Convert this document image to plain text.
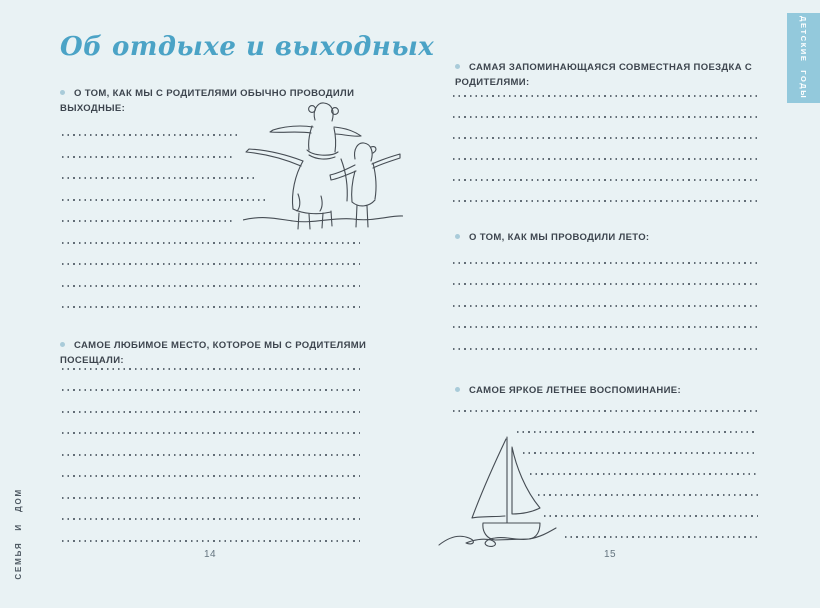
Об отдыхе и выходных
О ТОМ, КАК МЫ С РОДИТЕЛЯМИ ОБЫЧНО ПРОВОДИЛИ ВЫХОДНЫЕ:
САМОЕ ЛЮБИМОЕ МЕСТО, КОТОРОЕ МЫ С РОДИТЕЛЯМИ ПОСЕЩАЛИ:
14
СЕМЬЯ И ДОМ
САМАЯ ЗАПОМИНАЮЩАЯСЯ СОВМЕСТНАЯ ПОЕЗДКА С РОДИТЕЛЯМИ:
О ТОМ, КАК МЫ ПРОВОДИЛИ ЛЕТО:
САМОЕ ЯРКОЕ ЛЕТНЕЕ ВОСПОМИНАНИЕ:
15
ДЕТСКИЕ ГОДЫ
